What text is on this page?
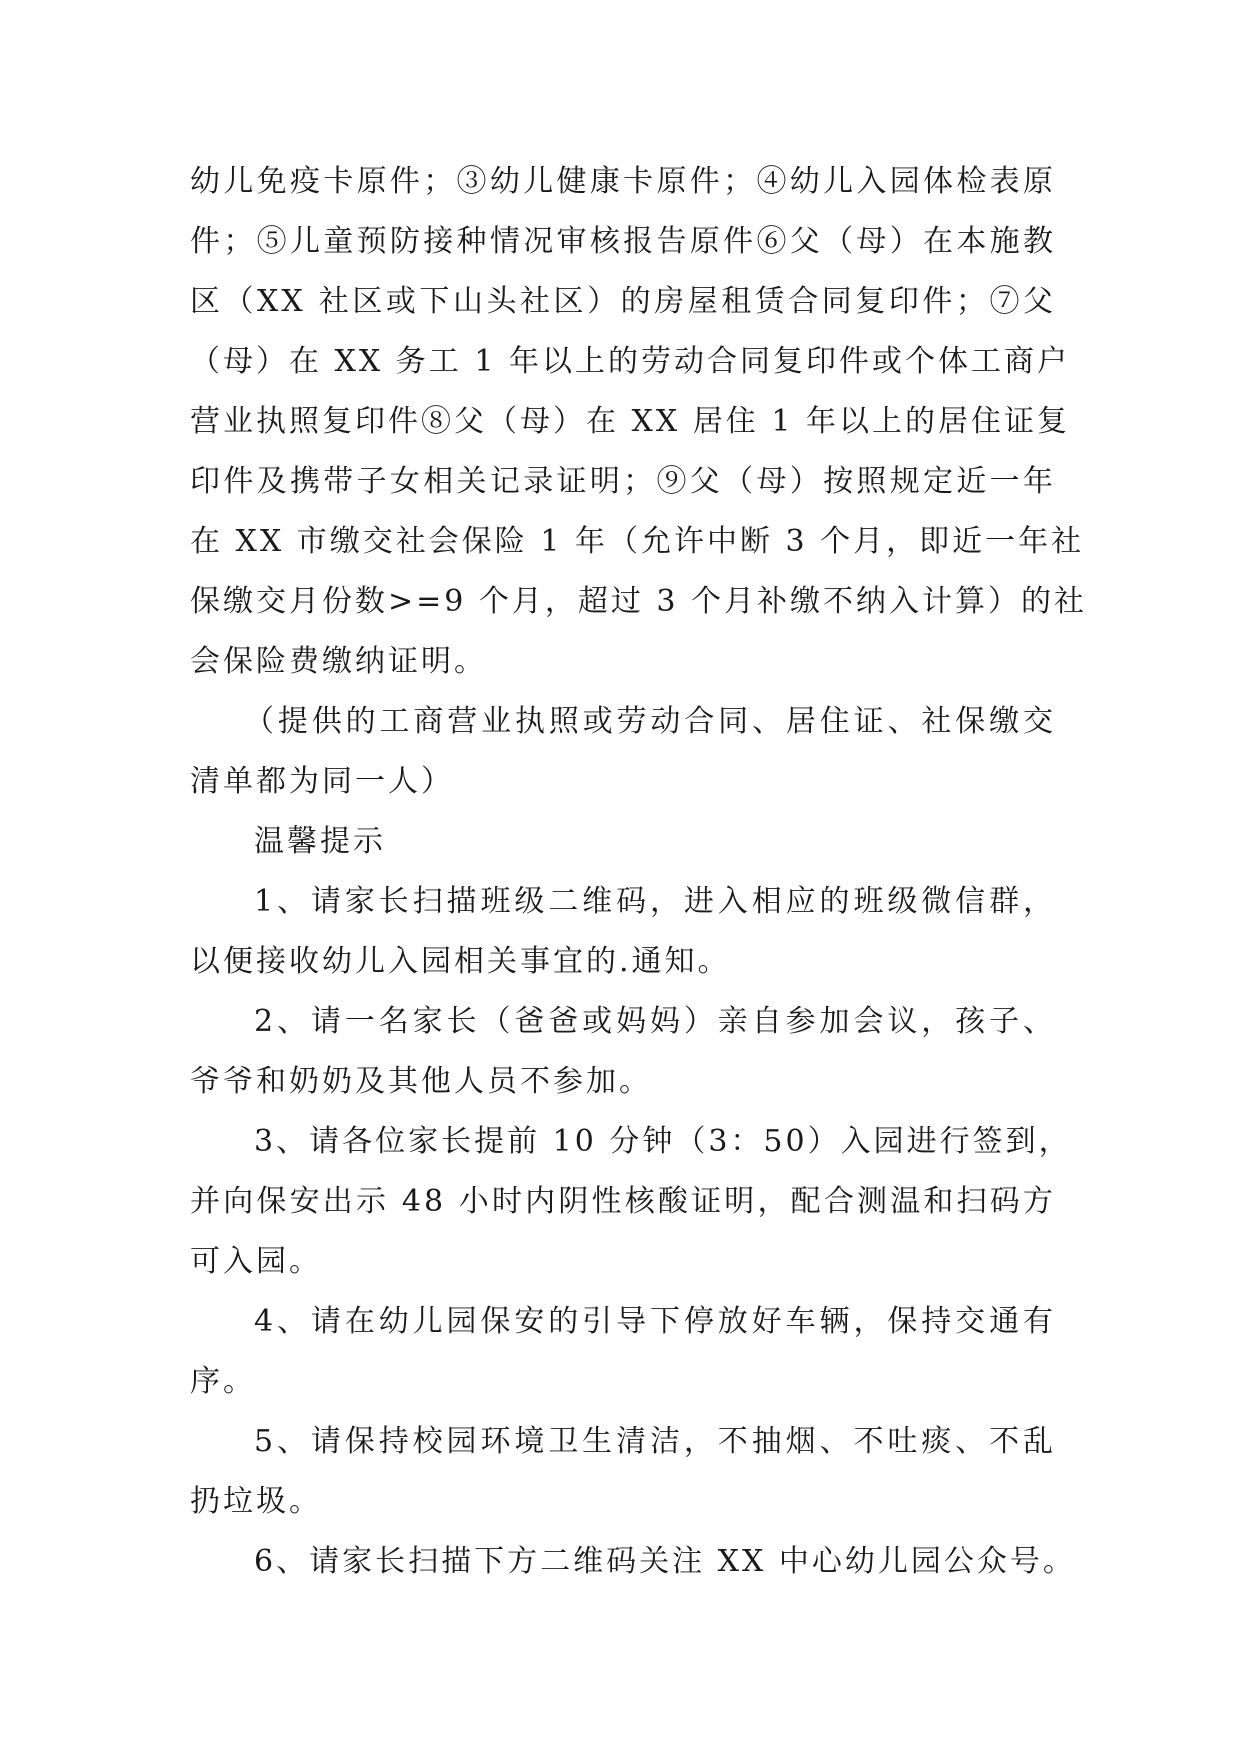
幼儿免疫卡原件；③幼儿健康卡原件；④幼儿入园体检表原
件；⑤儿童预防接种情况审核报告原件⑥父（母）在本施教
区（XX 社区或下山头社区）的房屋租赁合同复印件；⑦父
（母）在 XX 务工 1 年以上的劳动合同复印件或个体工商户
营业执照复印件⑧父（母）在 XX 居住 1 年以上的居住证复
印件及携带子女相关记录证明；⑨父（母）按照规定近一年
在 XX 市缴交社会保险 1 年（允许中断 3 个月，即近一年社
保缴交月份数>=9 个月，超过 3 个月补缴不纳入计算）的社
会保险费缴纳证明。
（提供的工商营业执照或劳动合同、居住证、社保缴交
清单都为同一人）
温馨提示
1、请家长扫描班级二维码，进入相应的班级微信群，
以便接收幼儿入园相关事宜的.通知。
2、请一名家长（爸爸或妈妈）亲自参加会议，孩子、
爷爷和奶奶及其他人员不参加。
3、请各位家长提前 10 分钟（3：50）入园进行签到，
并向保安出示 48 小时内阴性核酸证明，配合测温和扫码方
可入园。
4、请在幼儿园保安的引导下停放好车辆，保持交通有
序。
5、请保持校园环境卫生清洁，不抽烟、不吐痰、不乱
扔垃圾。
6、请家长扫描下方二维码关注 XX 中心幼儿园公众号。
